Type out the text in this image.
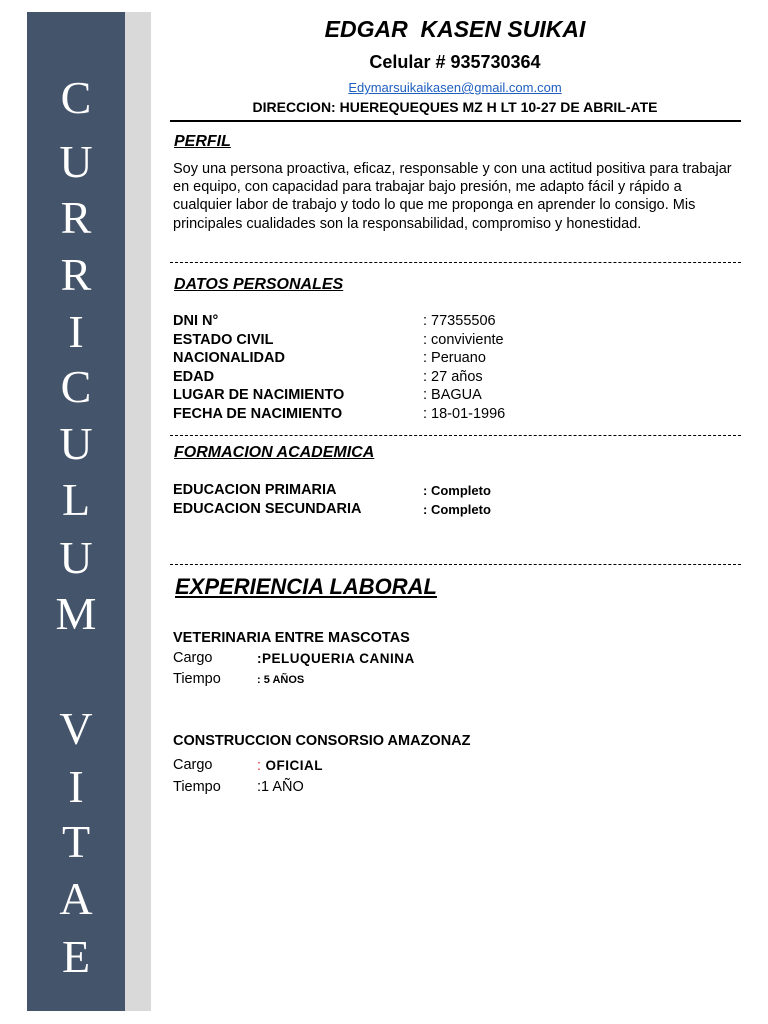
C
U
R
R
I
C
U
L
U
M
V
I
T
A
E
EDGAR  KASEN SUIKAI
Celular # 935730364
Edymarsuikaikasen@gmail.com.com
DIRECCION: HUEREQUEQUES MZ H LT 10-27 DE ABRIL-ATE
PERFIL
Soy una persona proactiva, eficaz, responsable y con una actitud positiva para trabajar en equipo, con capacidad para trabajar bajo presión, me adapto fácil y rápido a cualquier labor de trabajo y todo lo que me proponga en aprender lo consigo. Mis principales cualidades son la responsabilidad, compromiso y honestidad.
DATOS PERSONALES
DNI N°	: 77355506
ESTADO CIVIL	: conviviente
NACIONALIDAD	: Peruano
EDAD	: 27 años
LUGAR DE NACIMIENTO	: BAGUA
FECHA DE NACIMIENTO	: 18-01-1996
FORMACION ACADEMICA
EDUCACION PRIMARIA	: Completo
EDUCACION SECUNDARIA	: Completo
EXPERIENCIA LABORAL
VETERINARIA ENTRE MASCOTAS
Cargo	:PELUQUERIA CANINA
Tiempo	: 5 AÑOS
CONSTRUCCION CONSORSIO AMAZONAZ
Cargo	: OFICIAL
Tiempo :1 AÑO
